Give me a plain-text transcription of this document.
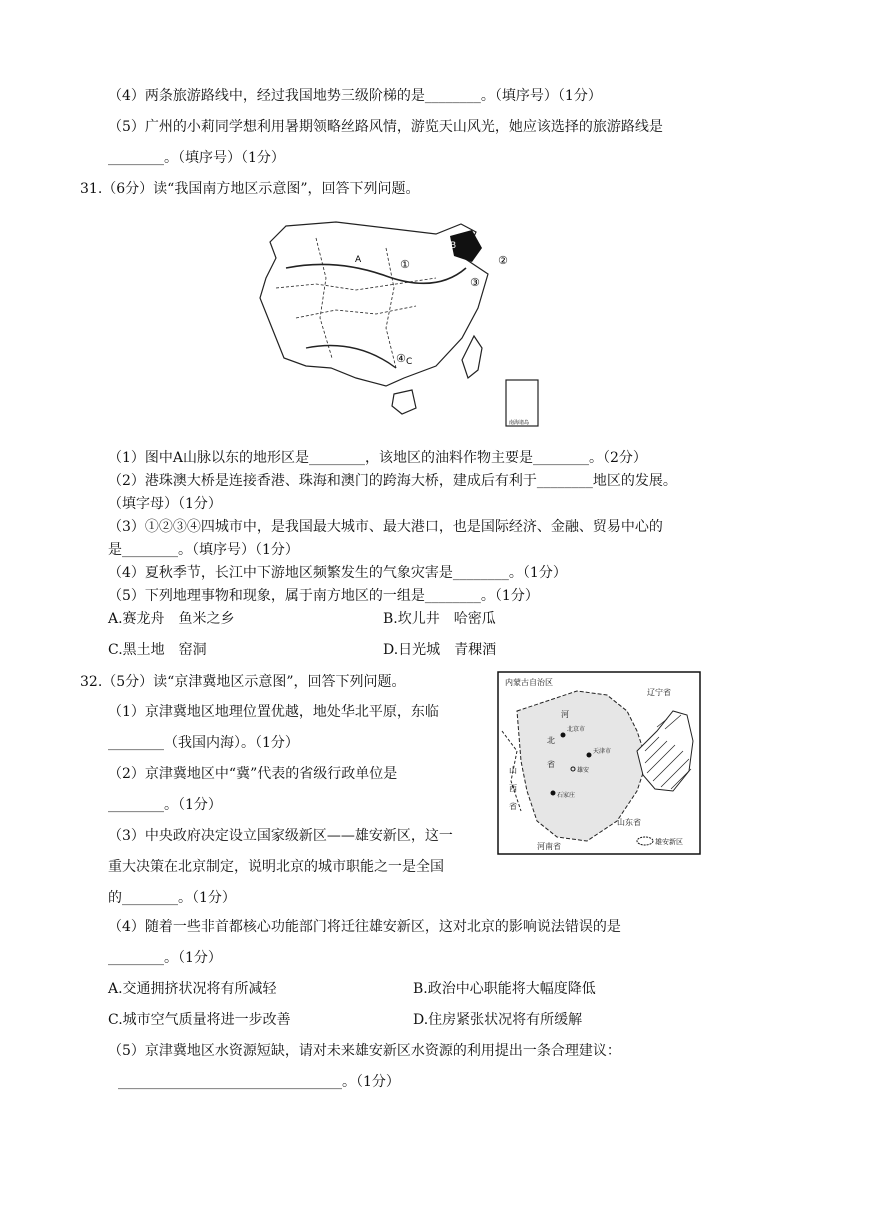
（4）两条旅游路线中，经过我国地势三级阶梯的是________。（填序号）（1分）
（5）广州的小莉同学想利用暑期领略丝路风情，游览天山风光，她应该选择的旅游路线是
________。（填序号）（1分）
31.（6分）读“我国南方地区示意图”，回答下列问题。
A
B
C
①	②
③
④
南海诸岛
（1）图中A山脉以东的地形区是________，该地区的油料作物主要是________。（2分）
（2）港珠澳大桥是连接香港、珠海和澳门的跨海大桥，建成后有利于________地区的发展。
（填字母）（1分）
（3）①②③④四城市中，是我国最大城市、最大港口，也是国际经济、金融、贸易中心的
是________。（填序号）（1分）
（4）夏秋季节，长江中下游地区频繁发生的气象灾害是________。（1分）
（5）下列地理事物和现象，属于南方地区的一组是________。（1分）
A.赛龙舟　鱼米之乡	B.坎儿井　哈密瓜
C.黑土地　窑洞	D.日光城　青稞酒
32.（5分）读“京津冀地区示意图”，回答下列问题。
（1）京津冀地区地理位置优越，地处华北平原，东临
________（我国内海）。（1分）
（2）京津冀地区中“冀”代表的省级行政单位是
________。（1分）
（3）中央政府决定设立国家级新区——雄安新区，这一
重大决策在北京制定，说明北京的城市职能之一是全国
的________。（1分）
内蒙古自治区
辽宁省
河
北
省
山
西
省
北京市
天津市
石家庄
雄安
山东省
河南省	雄安新区
（4）随着一些非首都核心功能部门将迁往雄安新区，这对北京的影响说法错误的是
________。（1分）
A.交通拥挤状况将有所减轻	B.政治中心职能将大幅度降低
C.城市空气质量将进一步改善	D.住房紧张状况将有所缓解
（5）京津冀地区水资源短缺，请对未来雄安新区水资源的利用提出一条合理建议：
________________________________。（1分）
